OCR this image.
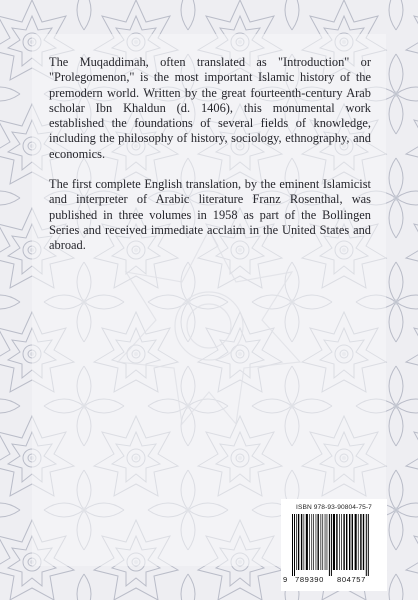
The Muqaddimah, often translated as "Introduction" or "Prolegomenon," is the most important Islamic history of the premodern world. Written by the great fourteenth-century Arab scholar Ibn Khaldun (d. 1406), this monumental work established the foundations of several fields of knowledge, including the philosophy of history, sociology, ethnography, and economics.

The first complete English translation, by the eminent Islamicist and interpreter of Arabic literature Franz Rosenthal, was published in three volumes in 1958 as part of the Bollingen Series and received immediate acclaim in the United States and abroad.

ISBN 978-93-90804-75-7
9 789390 804757
